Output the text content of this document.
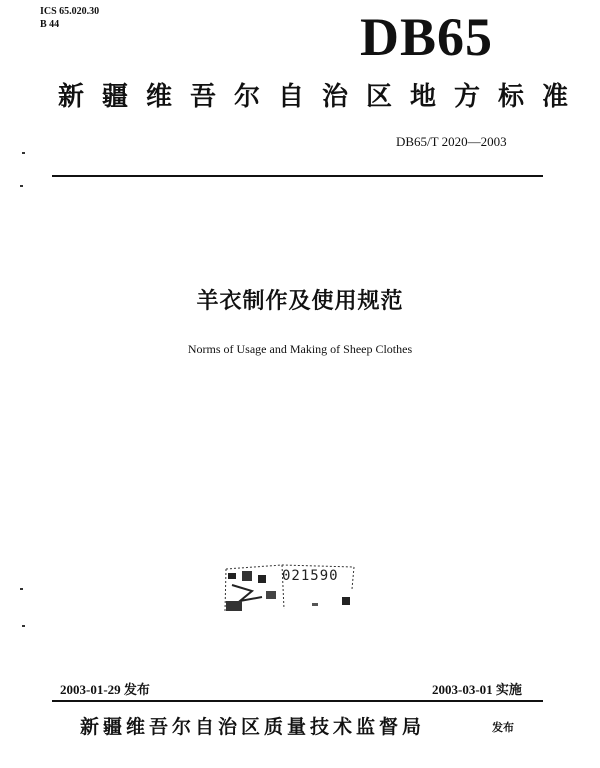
ICS 65.020.30
B 44	DB65
新疆维吾尔自治区地方标准
DB65/T 2020—2003
羊衣制作及使用规范
Norms of Usage and Making of Sheep Clothes
021590
2003-01-29 发布	2003-03-01 实施
新疆维吾尔自治区质量技术监督局	发布
